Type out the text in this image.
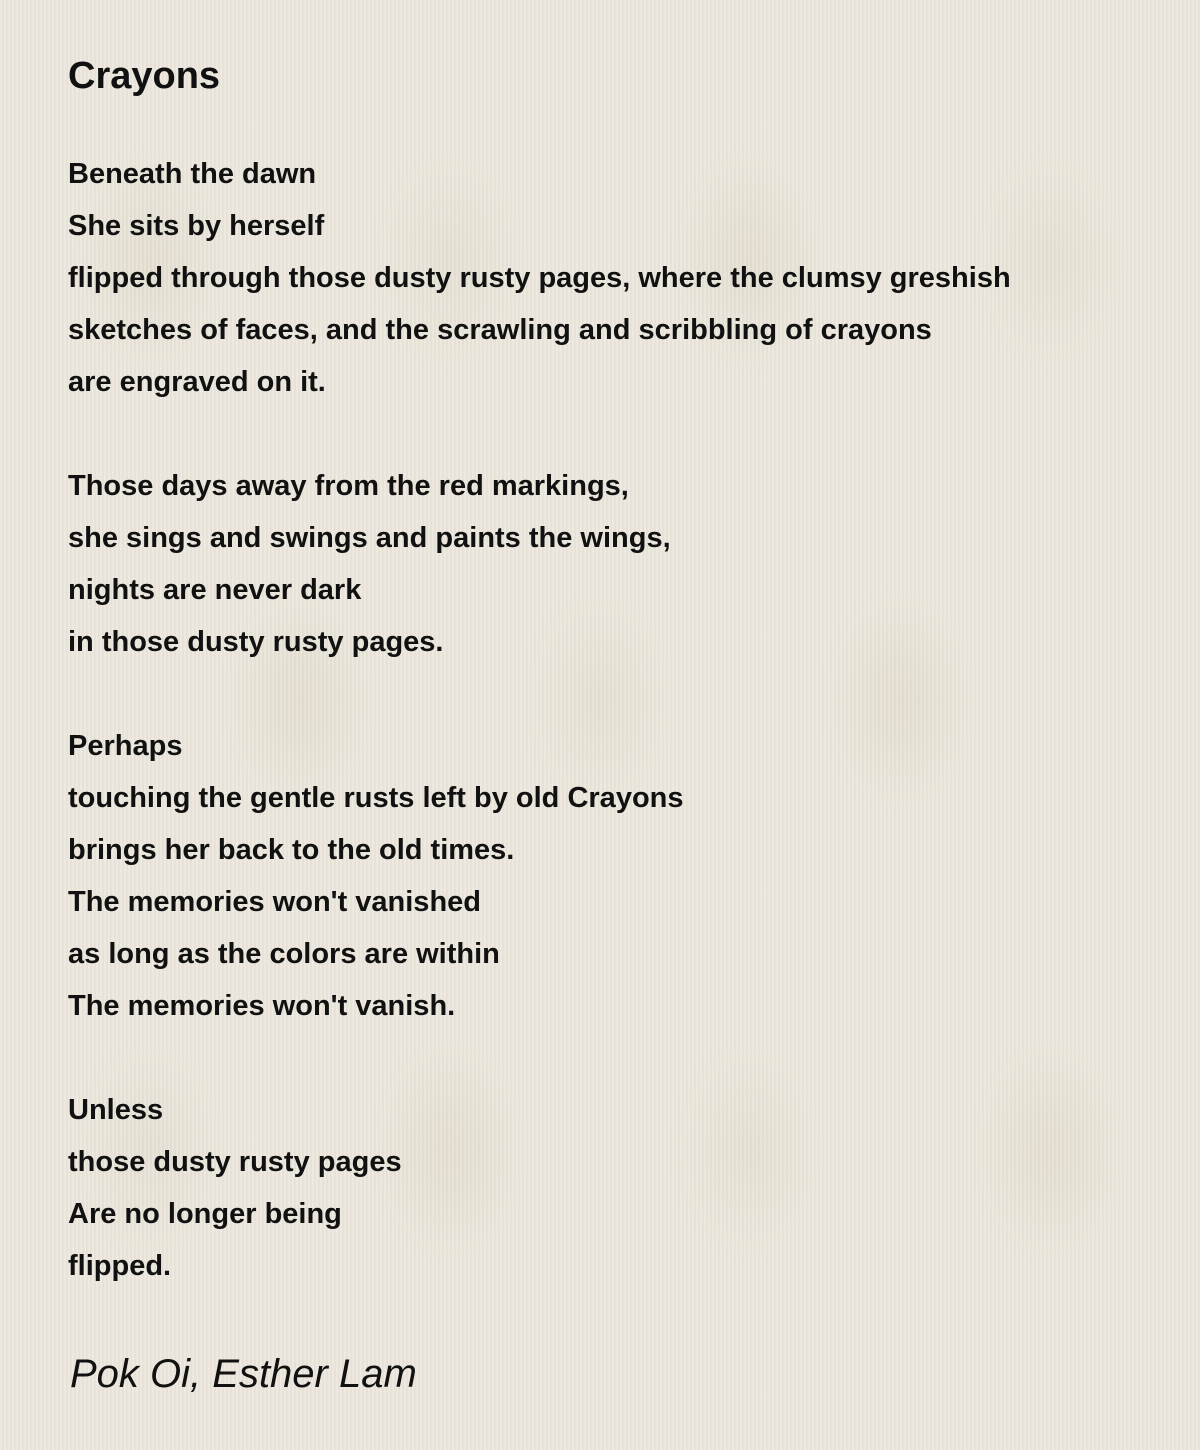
Crayons
Beneath the dawn
She sits by herself
flipped through those dusty rusty pages, where the clumsy greshish
sketches of faces, and the scrawling and scribbling of crayons
are engraved on it.
Those days away from the red markings,
she sings and swings and paints the wings,
nights are never dark
in those dusty rusty pages.
Perhaps
touching the gentle rusts left by old Crayons
brings her back to the old times.
The memories won't vanished
as long as the colors are within
The memories won't vanish.
Unless
those dusty rusty pages
Are no longer being
flipped.
Pok Oi, Esther Lam
